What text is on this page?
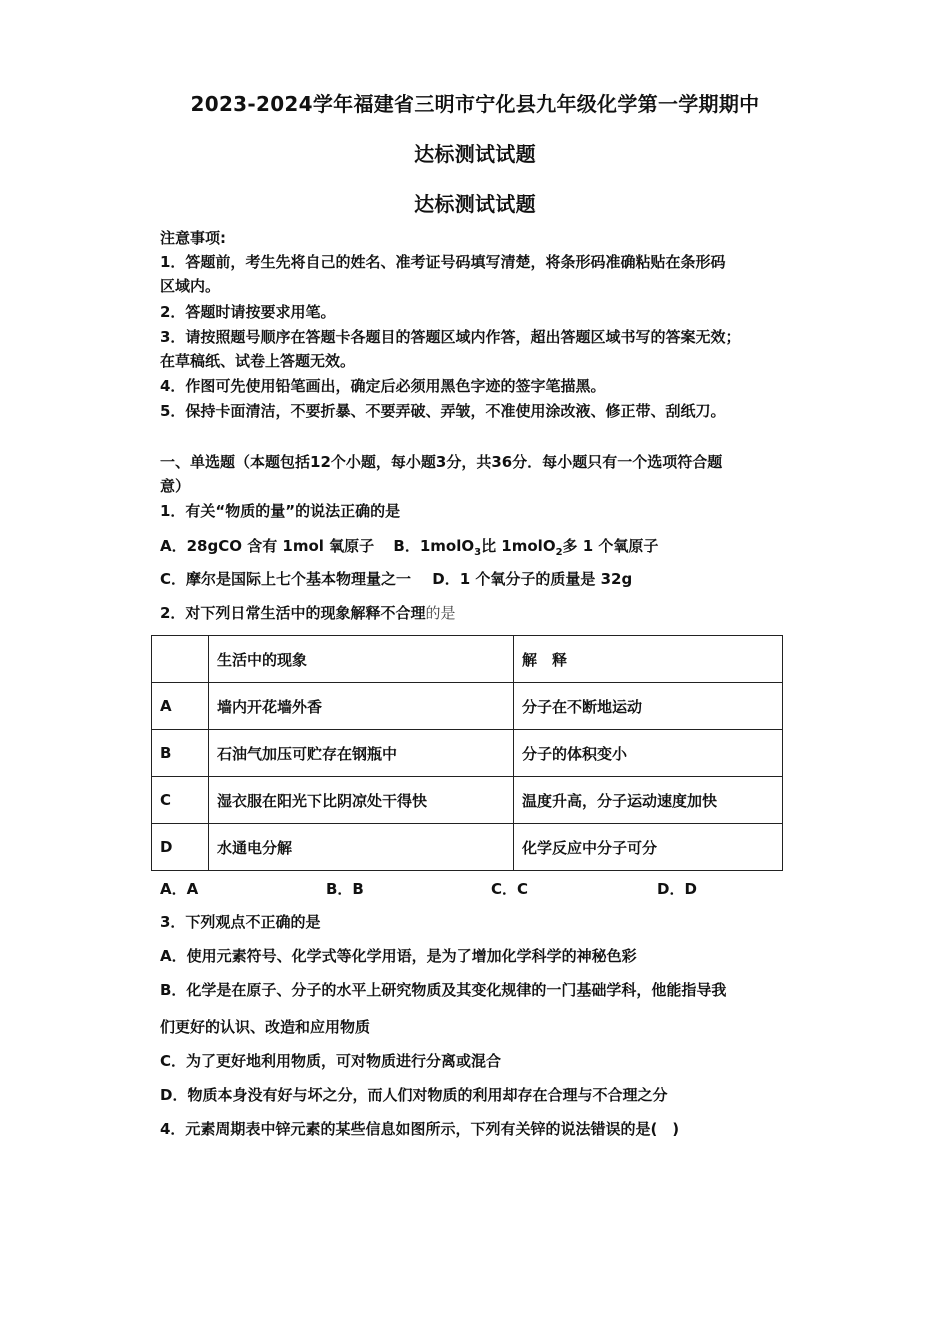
2023-2024学年福建省三明市宁化县九年级化学第一学期期中
达标测试试题
达标测试试题
注意事项:
1．答题前，考生先将自己的姓名、准考证号码填写清楚，将条形码准确粘贴在条形码
区域内。
2．答题时请按要求用笔。
3．请按照题号顺序在答题卡各题目的答题区域内作答，超出答题区域书写的答案无效；
在草稿纸、试卷上答题无效。
4．作图可先使用铅笔画出，确定后必须用黑色字迹的签字笔描黑。
5．保持卡面清洁，不要折暴、不要弄破、弄皱，不准使用涂改液、修正带、刮纸刀。
一、单选题（本题包括12个小题，每小题3分，共36分．每小题只有一个选项符合题
意）
1．有关“物质的量”的说法正确的是
A．28gCO 含有 1mol 氧原子 B．1molO$_3$比 1molO$_2$多 1 个氧原子
C．摩尔是国际上七个基本物理量之一 D．1 个氧分子的质量是 32g
2．对下列日常生活中的现象解释不合理的是
	生活中的现象	解　释
A	墙内开花墙外香	分子在不断地运动
B	石油气加压可贮存在钢瓶中	分子的体积变小
C	湿衣服在阳光下比阴凉处干得快	温度升高，分子运动速度加快
D	水通电分解	化学反应中分子可分
A．A	B．B	C．C	D．D
3．下列观点不正确的是
A．使用元素符号、化学式等化学用语，是为了增加化学科学的神秘色彩
B．化学是在原子、分子的水平上研究物质及其变化规律的一门基础学科，他能指导我
们更好的认识、改造和应用物质
C．为了更好地利用物质，可对物质进行分离或混合
D．物质本身没有好与坏之分，而人们对物质的利用却存在合理与不合理之分
4．元素周期表中锌元素的某些信息如图所示，下列有关锌的说法错误的是(　)
